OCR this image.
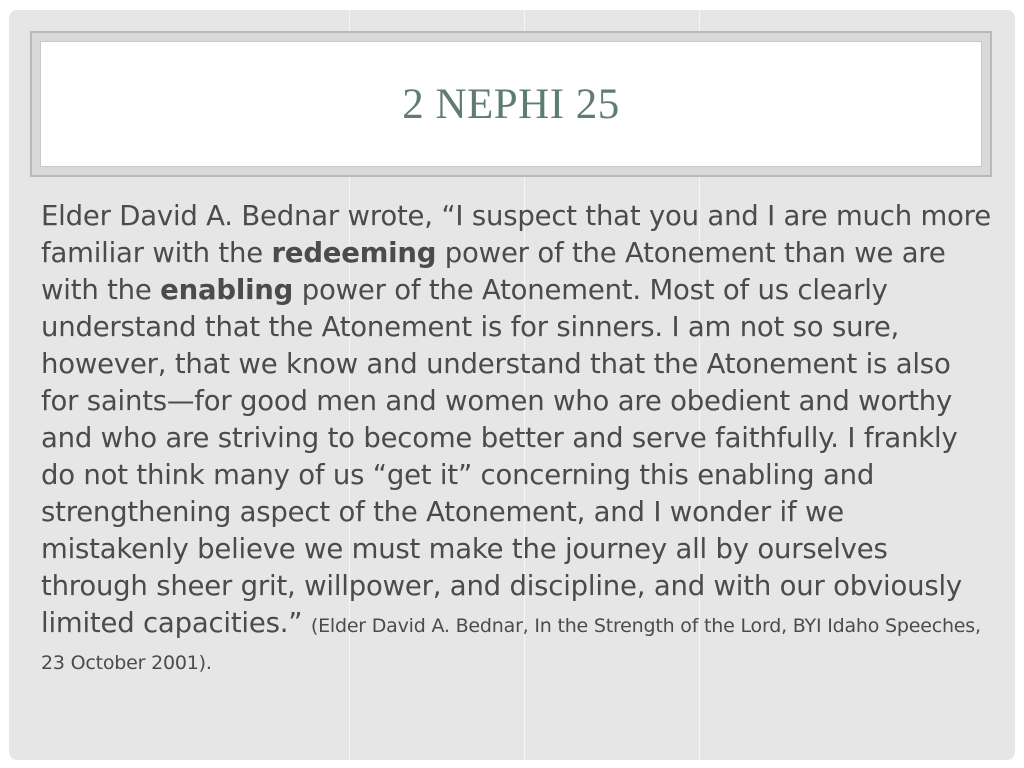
2 NEPHI 25
Elder David A. Bednar wrote, “I suspect that you and I are much more familiar with the redeeming power of the Atonement than we are with the enabling power of the Atonement. Most of us clearly understand that the Atonement is for sinners. I am not so sure, however, that we know and understand that the Atonement is also for saints—for good men and women who are obedient and worthy and who are striving to become better and serve faithfully. I frankly do not think many of us “get it” concerning this enabling and strengthening aspect of the Atonement, and I wonder if we mistakenly believe we must make the journey all by ourselves through sheer grit, willpower, and discipline, and with our obviously limited capacities.” (Elder David A. Bednar, In the Strength of the Lord, BYI Idaho Speeches, 23 October 2001).
